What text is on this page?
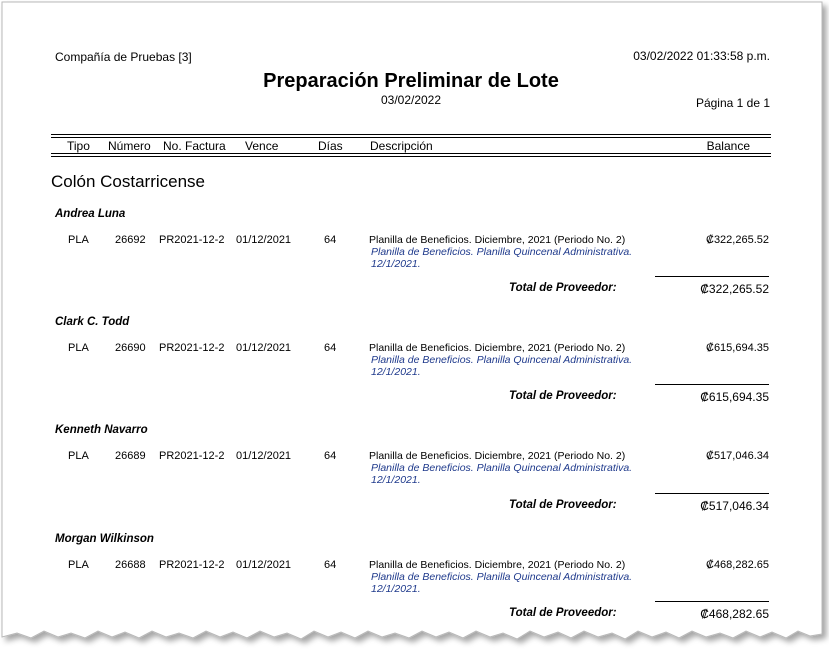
Compañía de Pruebas [3]	03/02/2022 01:33:58 p.m.
Preparación Preliminar de Lote
03/02/2022	Página 1 de 1
Tipo Número No. Factura Vence	Días Descripción	Balance
Colón Costarricense
Andrea Luna
PLA 26692 PR2021-12-2 01/12/2021	64	Planilla de Beneficios. Diciembre, 2021 (Periodo No. 2)
Planilla de Beneficios. Planilla Quincenal Administrativa.
12/1/2021.
₡322,265.52
Total de Proveedor:	₡322,265.52
Clark C. Todd
PLA 26690 PR2021-12-2 01/12/2021	64	Planilla de Beneficios. Diciembre, 2021 (Periodo No. 2)
Planilla de Beneficios. Planilla Quincenal Administrativa.
12/1/2021.
₡615,694.35
Total de Proveedor:	₡615,694.35
Kenneth Navarro
PLA 26689 PR2021-12-2 01/12/2021	64	Planilla de Beneficios. Diciembre, 2021 (Periodo No. 2)
Planilla de Beneficios. Planilla Quincenal Administrativa.
12/1/2021.
₡517,046.34
Total de Proveedor:	₡517,046.34
Morgan Wilkinson
PLA 26688 PR2021-12-2 01/12/2021	64	Planilla de Beneficios. Diciembre, 2021 (Periodo No. 2)
Planilla de Beneficios. Planilla Quincenal Administrativa.
12/1/2021.
₡468,282.65
Total de Proveedor:	₡468,282.65
